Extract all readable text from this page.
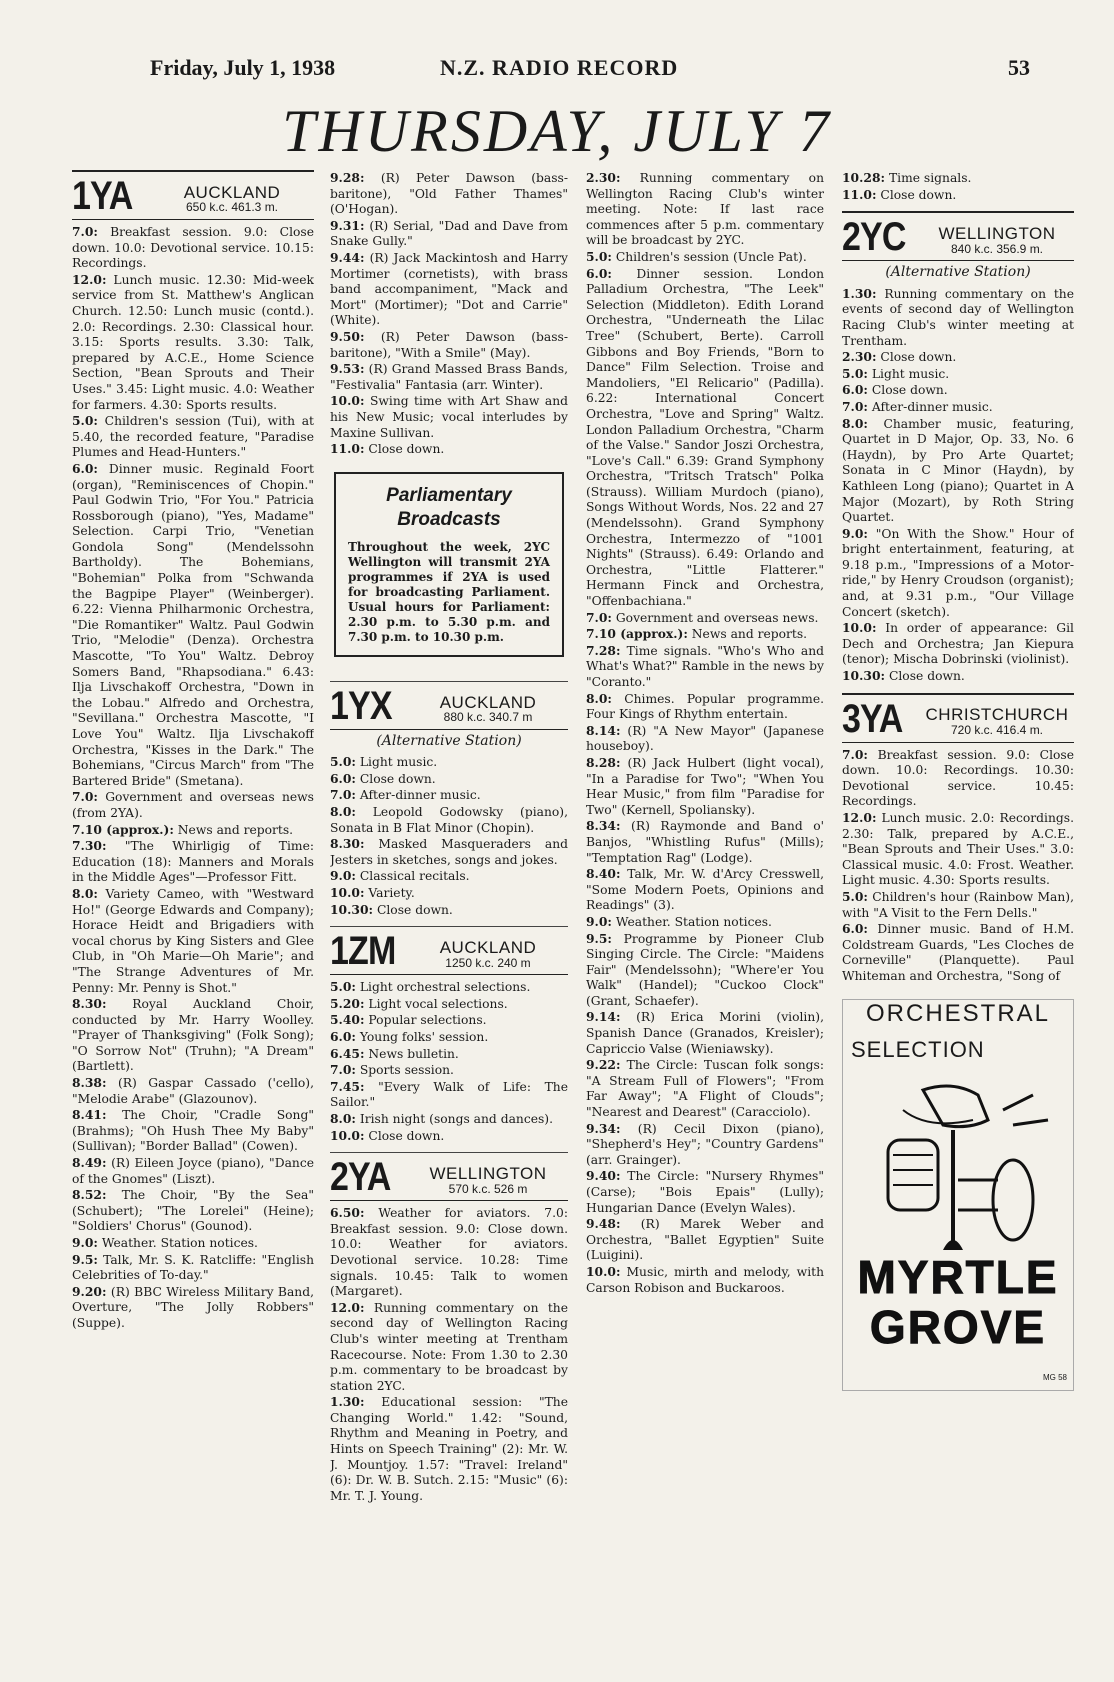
Friday, July 1, 1938	N.Z. RADIO RECORD	53
THURSDAY, JULY 7
1YA	AUCKLAND
650 k.c. 461.3 m.

7.0: Breakfast session. 9.0: Close down. 10.0: Devotional service. 10.15: Recordings.

12.0: Lunch music. 12.30: Mid-week service from St. Matthew's Anglican Church. 12.50: Lunch music (contd.). 2.0: Recordings. 2.30: Classical hour. 3.15: Sports results. 3.30: Talk, prepared by A.C.E., Home Science Section, "Bean Sprouts and Their Uses." 3.45: Light music. 4.0: Weather for farmers. 4.30: Sports results.

5.0: Children's session (Tui), with at 5.40, the recorded feature, "Paradise Plumes and Head-Hunters."

6.0: Dinner music. Reginald Foort (organ), "Reminiscences of Chopin." Paul Godwin Trio, "For You." Patricia Rossborough (piano), "Yes, Madame" Selection. Carpi Trio, "Venetian Gondola Song" (Mendelssohn Bartholdy). The Bohemians, "Bohemian" Polka from "Schwanda the Bagpipe Player" (Weinberger). 6.22: Vienna Philharmonic Orchestra, "Die Romantiker" Waltz. Paul Godwin Trio, "Melodie" (Denza). Orchestra Mascotte, "To You" Waltz. Debroy Somers Band, "Rhapsodiana." 6.43: Ilja Livschakoff Orchestra, "Down in the Lobau." Alfredo and Orchestra, "Sevillana." Orchestra Mascotte, "I Love You" Waltz. Ilja Livschakoff Orchestra, "Kisses in the Dark." The Bohemians, "Circus March" from "The Bartered Bride" (Smetana).

7.0: Government and overseas news (from 2YA).

7.10 (approx.): News and reports.

7.30: "The Whirligig of Time: Education (18): Manners and Morals in the Middle Ages"—Professor Fitt.

8.0: Variety Cameo, with "Westward Ho!" (George Edwards and Company); Horace Heidt and Brigadiers with vocal chorus by King Sisters and Glee Club, in "Oh Marie—Oh Marie"; and "The Strange Adventures of Mr. Penny: Mr. Penny is Shot."

8.30: Royal Auckland Choir, conducted by Mr. Harry Woolley. "Prayer of Thanksgiving" (Folk Song); "O Sorrow Not" (Truhn); "A Dream" (Bartlett).

8.38: (R) Gaspar Cassado ('cello), "Melodie Arabe" (Glazounov).

8.41: The Choir, "Cradle Song" (Brahms); "Oh Hush Thee My Baby" (Sullivan); "Border Ballad" (Cowen).

8.49: (R) Eileen Joyce (piano), "Dance of the Gnomes" (Liszt).

8.52: The Choir, "By the Sea" (Schubert); "The Lorelei" (Heine); "Soldiers' Chorus" (Gounod).

9.0: Weather. Station notices.

9.5: Talk, Mr. S. K. Ratcliffe: "English Celebrities of To-day."

9.20: (R) BBC Wireless Military Band, Overture, "The Jolly Robbers" (Suppe).

9.28: (R) Peter Dawson (bass-baritone), "Old Father Thames" (O'Hogan).

9.31: (R) Serial, "Dad and Dave from Snake Gully."

9.44: (R) Jack Mackintosh and Harry Mortimer (cornetists), with brass band accompaniment, "Mack and Mort" (Mortimer); "Dot and Carrie" (White).

9.50: (R) Peter Dawson (bass-baritone), "With a Smile" (May).

9.53: (R) Grand Massed Brass Bands, "Festivalia" Fantasia (arr. Winter).

10.0: Swing time with Art Shaw and his New Music; vocal interludes by Maxine Sullivan.

11.0: Close down.

Parliamentary Broadcasts

Throughout the week, 2YC Wellington will transmit 2YA programmes if 2YA is used for broadcasting Parliament. Usual hours for Parliament: 2.30 p.m. to 5.30 p.m. and 7.30 p.m. to 10.30 p.m.

1YX	AUCKLAND
880 k.c. 340.7 m
(Alternative Station)

5.0: Light music.

6.0: Close down.

7.0: After-dinner music.

8.0: Leopold Godowsky (piano), Sonata in B Flat Minor (Chopin).

8.30: Masked Masqueraders and Jesters in sketches, songs and jokes.

9.0: Classical recitals.

10.0: Variety.

10.30: Close down.

1ZM	AUCKLAND
1250 k.c. 240 m

5.0: Light orchestral selections.

5.20: Light vocal selections.

5.40: Popular selections.

6.0: Young folks' session.

6.45: News bulletin.

7.0: Sports session.

7.45: "Every Walk of Life: The Sailor."

8.0: Irish night (songs and dances).

10.0: Close down.

2YA	WELLINGTON
570 k.c. 526 m

6.50: Weather for aviators. 7.0: Breakfast session. 9.0: Close down. 10.0: Weather for aviators. Devotional service. 10.28: Time signals. 10.45: Talk to women (Margaret).

12.0: Running commentary on the second day of Wellington Racing Club's winter meeting at Trentham Racecourse. Note: From 1.30 to 2.30 p.m. commentary to be broadcast by station 2YC.

1.30: Educational session: "The Changing World." 1.42: "Sound, Rhythm and Meaning in Poetry, and Hints on Speech Training" (2): Mr. W. J. Mountjoy. 1.57: "Travel: Ireland" (6): Dr. W. B. Sutch. 2.15: "Music" (6): Mr. T. J. Young.

2.30: Running commentary on Wellington Racing Club's winter meeting. Note: If last race commences after 5 p.m. commentary will be broadcast by 2YC.

5.0: Children's session (Uncle Pat).

6.0: Dinner session. London Palladium Orchestra, "The Leek" Selection (Middleton). Edith Lorand Orchestra, "Underneath the Lilac Tree" (Schubert, Berte). Carroll Gibbons and Boy Friends, "Born to Dance" Film Selection. Troise and Mandoliers, "El Relicario" (Padilla). 6.22: International Concert Orchestra, "Love and Spring" Waltz. London Palladium Orchestra, "Charm of the Valse." Sandor Joszi Orchestra, "Love's Call." 6.39: Grand Symphony Orchestra, "Tritsch Tratsch" Polka (Strauss). William Murdoch (piano), Songs Without Words, Nos. 22 and 27 (Mendelssohn). Grand Symphony Orchestra, Intermezzo of "1001 Nights" (Strauss). 6.49: Orlando and Orchestra, "Little Flatterer." Hermann Finck and Orchestra, "Offenbachiana."

7.0: Government and overseas news.

7.10 (approx.): News and reports.

7.28: Time signals. "Who's Who and What's What?" Ramble in the news by "Coranto."

8.0: Chimes. Popular programme. Four Kings of Rhythm entertain.

8.14: (R) "A New Mayor" (Japanese houseboy).

8.28: (R) Jack Hulbert (light vocal), "In a Paradise for Two"; "When You Hear Music," from film "Paradise for Two" (Kernell, Spoliansky).

8.34: (R) Raymonde and Band o' Banjos, "Whistling Rufus" (Mills); "Temptation Rag" (Lodge).

8.40: Talk, Mr. W. d'Arcy Cresswell, "Some Modern Poets, Opinions and Readings" (3).

9.0: Weather. Station notices.

9.5: Programme by Pioneer Club Singing Circle. The Circle: "Maidens Fair" (Mendelssohn); "Where'er You Walk" (Handel); "Cuckoo Clock" (Grant, Schaefer).

9.14: (R) Erica Morini (violin), Spanish Dance (Granados, Kreisler); Capriccio Valse (Wieniawsky).

9.22: The Circle: Tuscan folk songs: "A Stream Full of Flowers"; "From Far Away"; "A Flight of Clouds"; "Nearest and Dearest" (Caracciolo).

9.34: (R) Cecil Dixon (piano), "Shepherd's Hey"; "Country Gardens" (arr. Grainger).

9.40: The Circle: "Nursery Rhymes" (Carse); "Bois Epais" (Lully); Hungarian Dance (Evelyn Wales).

9.48: (R) Marek Weber and Orchestra, "Ballet Egyptien" Suite (Luigini).

10.0: Music, mirth and melody, with Carson Robison and Buckaroos.

10.28: Time signals.

11.0: Close down.

2YC	WELLINGTON
840 k.c. 356.9 m.
(Alternative Station)

1.30: Running commentary on the events of second day of Wellington Racing Club's winter meeting at Trentham.

2.30: Close down.

5.0: Light music.

6.0: Close down.

7.0: After-dinner music.

8.0: Chamber music, featuring, Quartet in D Major, Op. 33, No. 6 (Haydn), by Pro Arte Quartet; Sonata in C Minor (Haydn), by Kathleen Long (piano); Quartet in A Major (Mozart), by Roth String Quartet.

9.0: "On With the Show." Hour of bright entertainment, featuring, at 9.18 p.m., "Impressions of a Motor-ride," by Henry Croudson (organist); and, at 9.31 p.m., "Our Village Concert (sketch).

10.0: In order of appearance: Gil Dech and Orchestra; Jan Kiepura (tenor); Mischa Dobrinski (violinist).

10.30: Close down.

3YA	CHRISTCHURCH
720 k.c. 416.4 m.

7.0: Breakfast session. 9.0: Close down. 10.0: Recordings. 10.30: Devotional service. 10.45: Recordings.

12.0: Lunch music. 2.0: Recordings. 2.30: Talk, prepared by A.C.E., "Bean Sprouts and Their Uses." 3.0: Classical music. 4.0: Frost. Weather. Light music. 4.30: Sports results.

5.0: Children's hour (Rainbow Man), with "A Visit to the Fern Dells."

6.0: Dinner music. Band of H.M. Coldstream Guards, "Les Cloches de Corneville" (Planquette). Paul Whiteman and Orchestra, "Song of

ORCHESTRAL
SELECTION
MYRTLE
GROVE
MG 58
